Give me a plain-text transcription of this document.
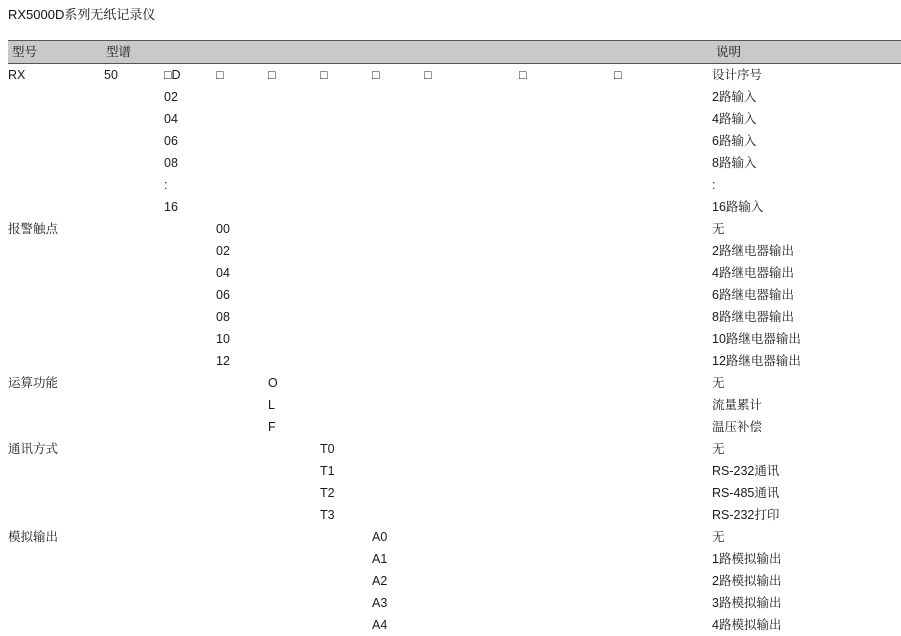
RX5000D系列无纸记录仪
型号	型谱									说明
RX	50	□D	□	□	□	□	□	□	□	设计序号
		02								2路输入
		04								4路输入
		06								6路输入
		08								8路输入
		:								:
		16								16路输入
报警触点			00							无
			02							2路继电器输出
			04							4路继电器输出
			06							6路继电器输出
			08							8路继电器输出
			10							10路继电器输出
			12							12路继电器输出
运算功能				O						无
				L						流量累计
				F						温压补偿
通讯方式					T0					无
					T1					RS-232通讯
					T2					RS-485通讯
					T3					RS-232打印
模拟输出						A0				无
						A1				1路模拟输出
						A2				2路模拟输出
						A3				3路模拟输出
						A4				4路模拟输出
